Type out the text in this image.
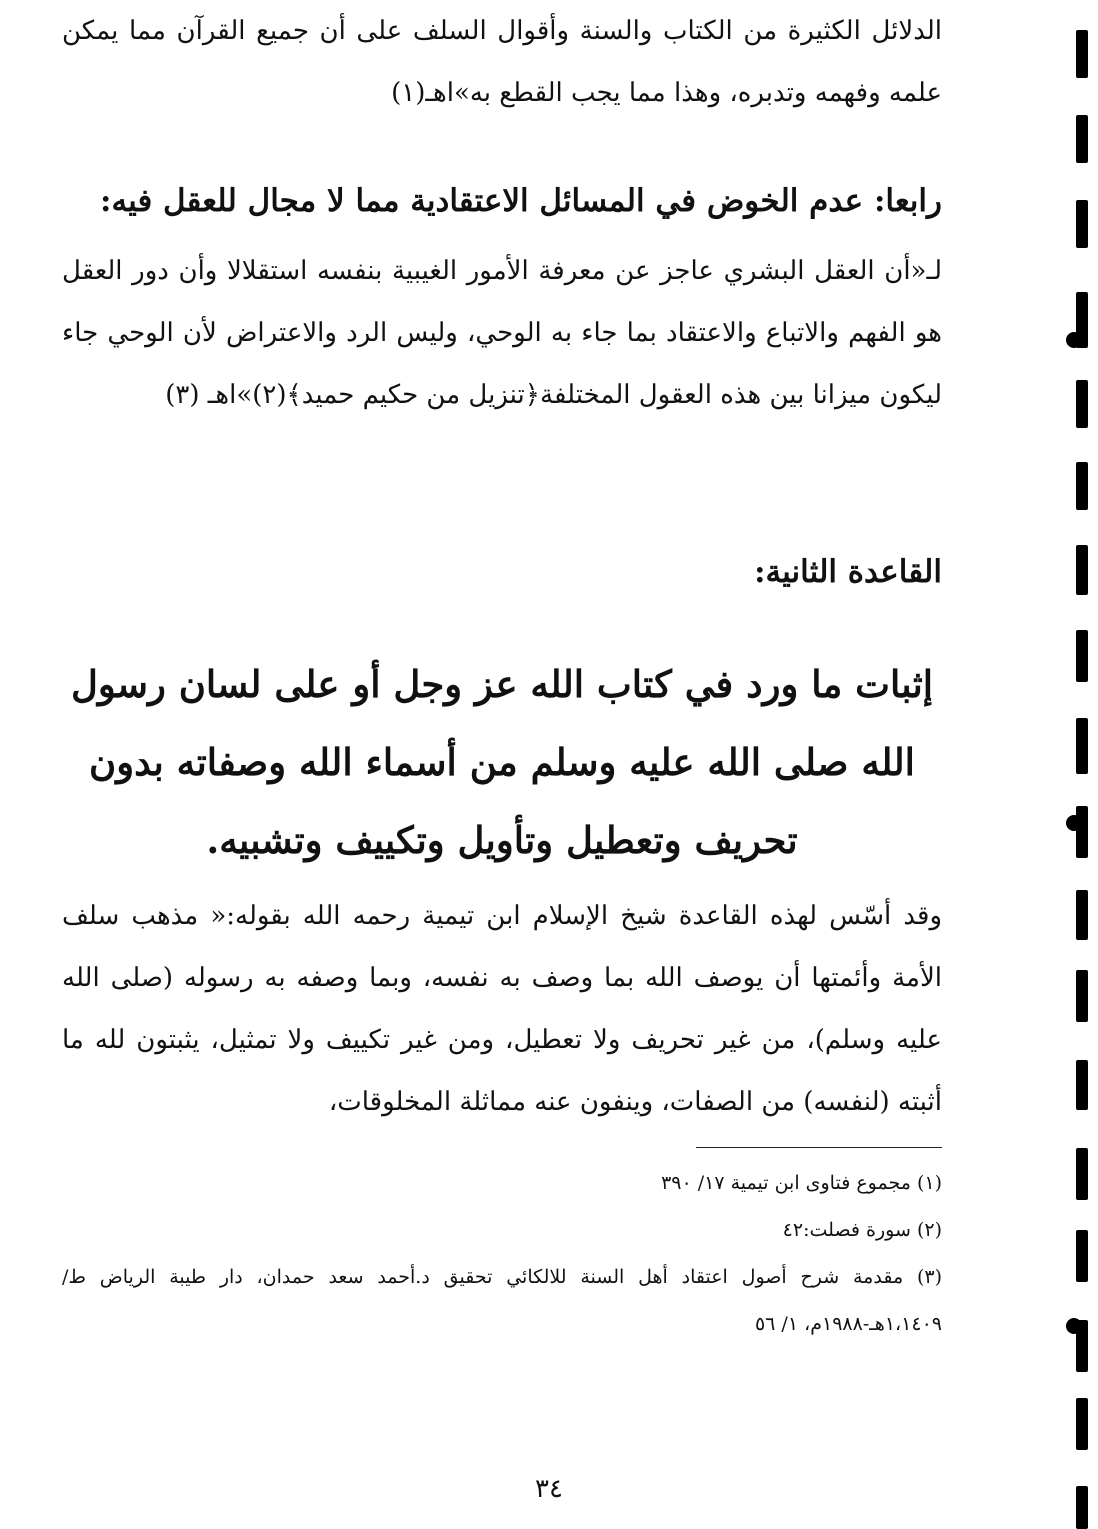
الدلائل الكثيرة من الكتاب والسنة وأقوال السلف على أن جميع القرآن مما يمكن علمه وفهمه وتدبره، وهذا مما يجب القطع به»اهـ(١)

رابعا: عدم الخوض في المسائل الاعتقادية مما لا مجال للعقل فيه:

لـ«أن العقل البشري عاجز عن معرفة الأمور الغيبية بنفسه استقلالا وأن دور العقل هو الفهم والاتباع والاعتقاد بما جاء به الوحي، وليس الرد والاعتراض لأن الوحي جاء ليكون ميزانا بين هذه العقول المختلفة﴿تنزيل من حكيم حميد﴾(٢)»اهـ (٣)

القاعدة الثانية:

إثبات ما ورد في كتاب الله عز وجل أو على لسان رسول الله صلى الله عليه وسلم من أسماء الله وصفاته بدون تحريف وتعطيل وتأويل وتكييف وتشبيه.

وقد أسّس لهذه القاعدة شيخ الإسلام ابن تيمية رحمه الله بقوله:« مذهب سلف الأمة وأئمتها أن يوصف الله بما وصف به نفسه، وبما وصفه به رسوله (صلى الله عليه وسلم)، من غير تحريف ولا تعطيل، ومن غير تكييف ولا تمثيل، يثبتون لله ما أثبته (لنفسه) من الصفات، وينفون عنه مماثلة المخلوقات،

(١) مجموع فتاوى ابن تيمية ١٧/ ٣٩٠

(٢) سورة فصلت:٤٢

(٣) مقدمة شرح أصول اعتقاد أهل السنة للالكائي تحقيق د.أحمد سعد حمدان، دار طيبة الرياض ط/١،١٤٠٩هـ-١٩٨٨م، ١/ ٥٦

٣٤
